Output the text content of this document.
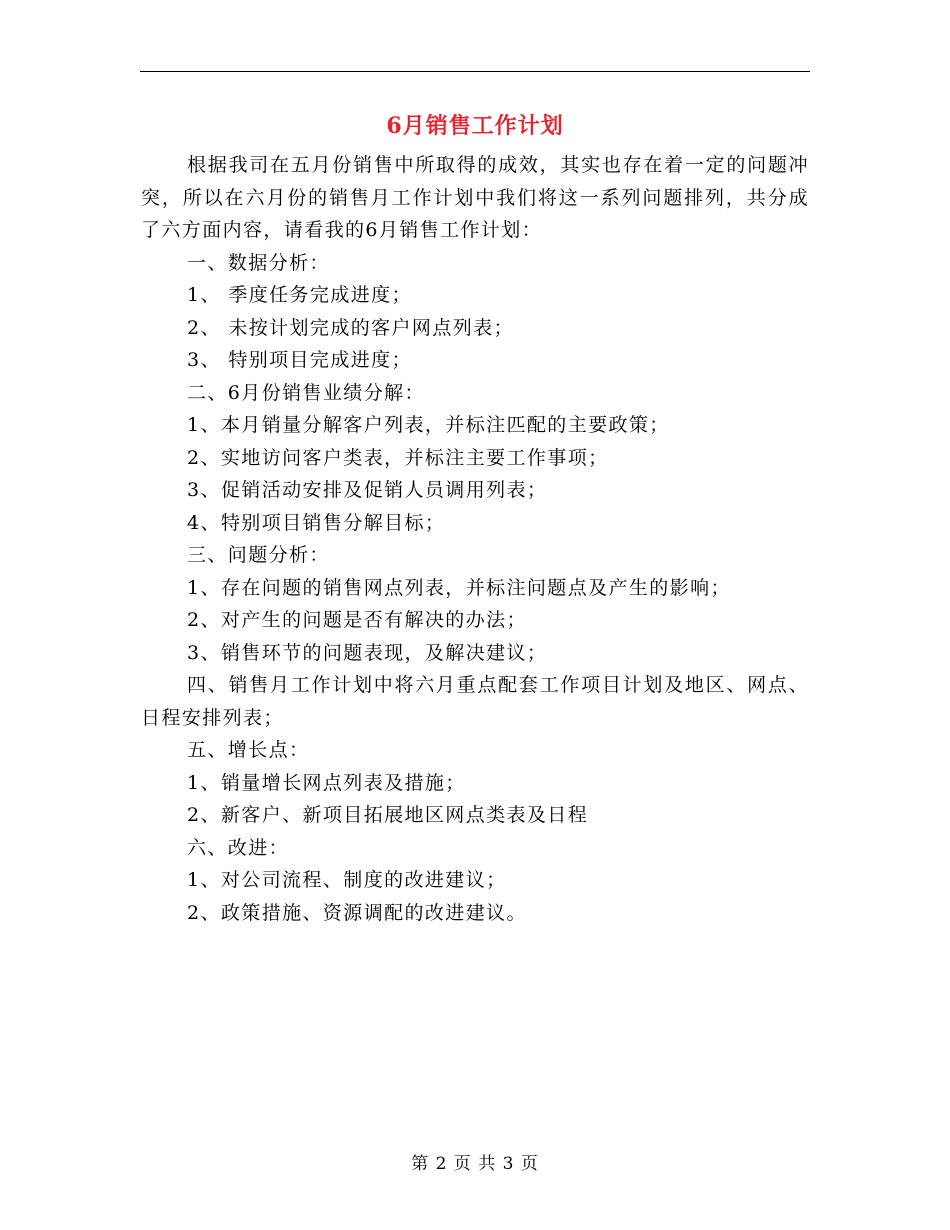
6月销售工作计划

根据我司在五月份销售中所取得的成效，其实也存在着一定的问题冲突，所以在六月份的销售月工作计划中我们将这一系列问题排列，共分成了六方面内容，请看我的6月销售工作计划：

一、数据分析：

1、 季度任务完成进度；

2、 未按计划完成的客户网点列表；

3、 特别项目完成进度；

二、6月份销售业绩分解：

1、本月销量分解客户列表，并标注匹配的主要政策；

2、实地访问客户类表，并标注主要工作事项；

3、促销活动安排及促销人员调用列表；

4、特别项目销售分解目标；

三、问题分析：

1、存在问题的销售网点列表，并标注问题点及产生的影响；

2、对产生的问题是否有解决的办法；

3、销售环节的问题表现，及解决建议；

四、销售月工作计划中将六月重点配套工作项目计划及地区、网点、日程安排列表；

五、增长点：

1、销量增长网点列表及措施；

2、新客户、新项目拓展地区网点类表及日程

六、改进：

1、对公司流程、制度的改进建议；

2、政策措施、资源调配的改进建议。

第 2 页 共 3 页
